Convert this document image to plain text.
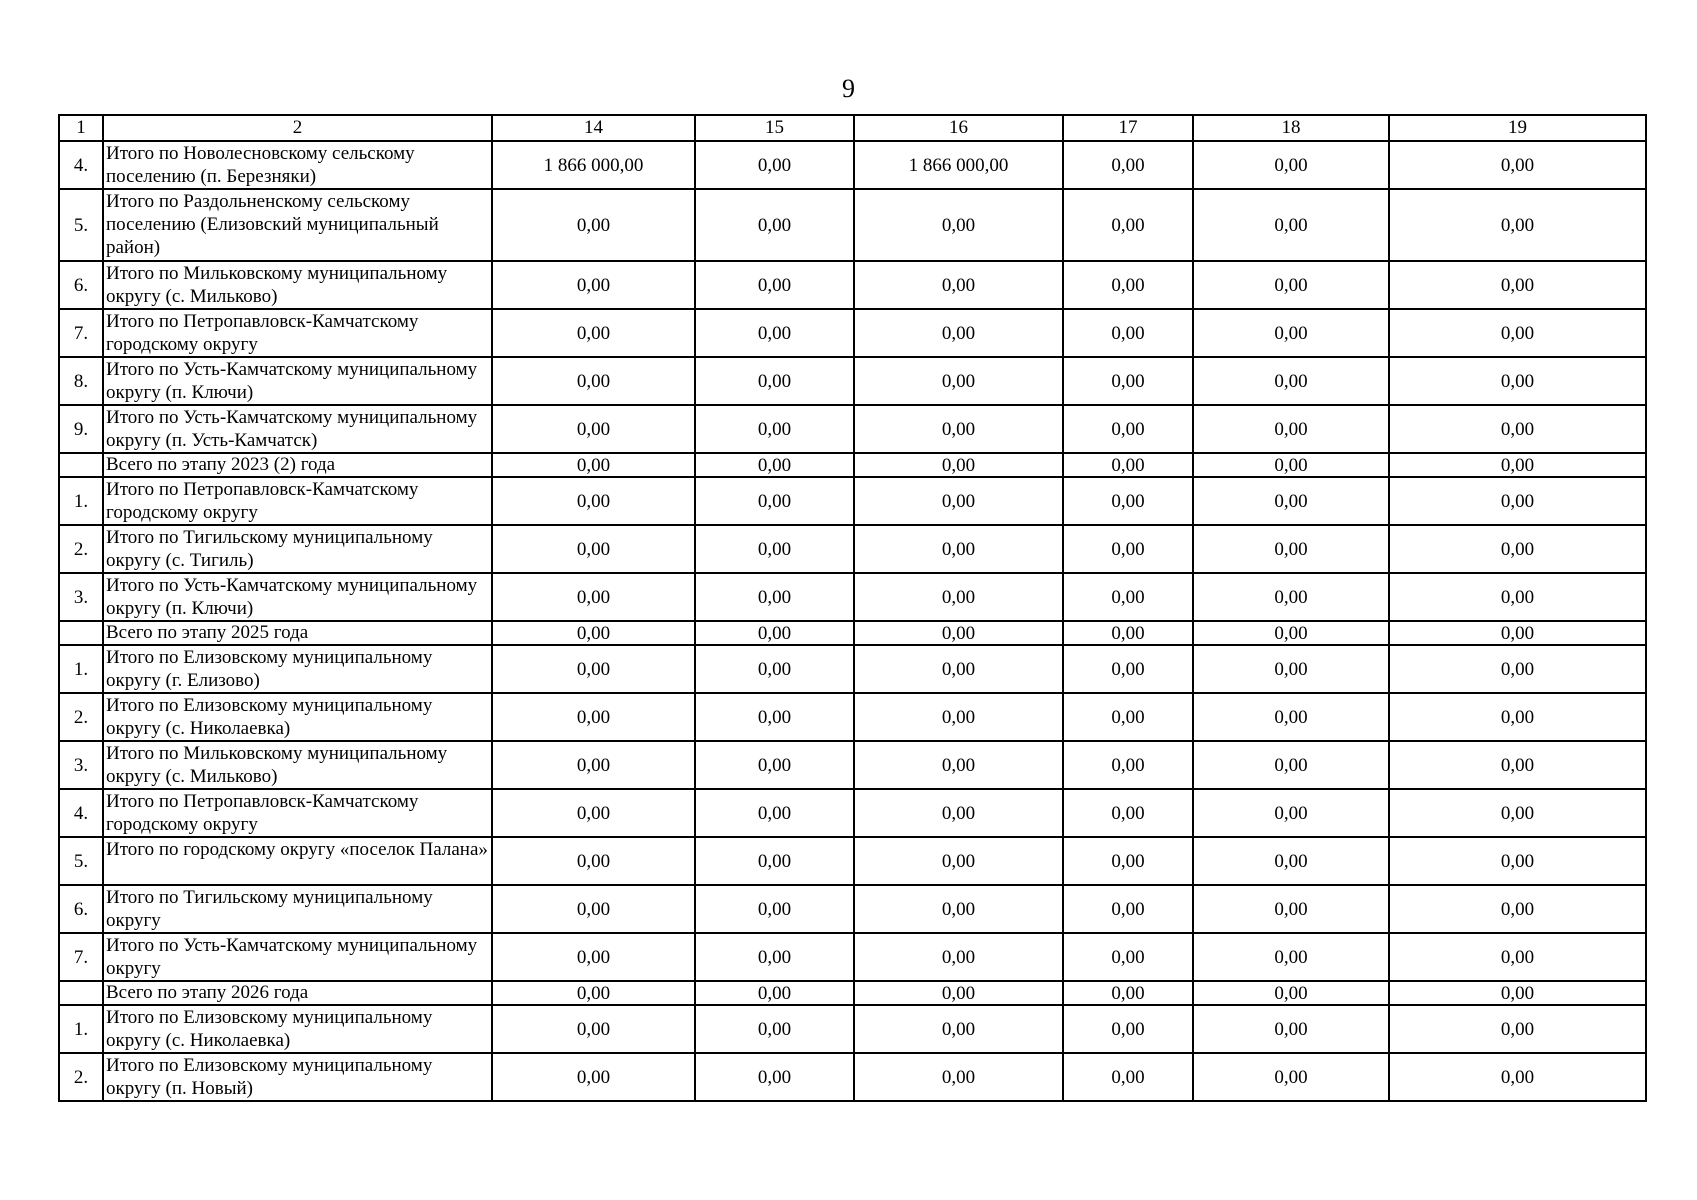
9
1	2	14	15	16	17	18	19
4.	Итого по Новолесновскому сельскому поселению (п. Березняки)	1 866 000,00	0,00	1 866 000,00	0,00	0,00	0,00
5.	Итого по Раздольненскому сельскому поселению (Елизовский муниципальный район)	0,00	0,00	0,00	0,00	0,00	0,00
6.	Итого по Мильковскому муниципальному округу (с. Мильково)	0,00	0,00	0,00	0,00	0,00	0,00
7.	Итого по Петропавловск-Камчатскому городскому округу	0,00	0,00	0,00	0,00	0,00	0,00
8.	Итого по Усть-Камчатскому муниципальному округу (п. Ключи)	0,00	0,00	0,00	0,00	0,00	0,00
9.	Итого по Усть-Камчатскому муниципальному округу (п. Усть-Камчатск)	0,00	0,00	0,00	0,00	0,00	0,00
	Всего по этапу 2023 (2) года	0,00	0,00	0,00	0,00	0,00	0,00
1.	Итого по Петропавловск-Камчатскому городскому округу	0,00	0,00	0,00	0,00	0,00	0,00
2.	Итого по Тигильскому муниципальному округу (с. Тигиль)	0,00	0,00	0,00	0,00	0,00	0,00
3.	Итого по Усть-Камчатскому муниципальному округу (п. Ключи)	0,00	0,00	0,00	0,00	0,00	0,00
	Всего по этапу 2025 года	0,00	0,00	0,00	0,00	0,00	0,00
1.	Итого по Елизовскому муниципальному округу (г. Елизово)	0,00	0,00	0,00	0,00	0,00	0,00
2.	Итого по Елизовскому муниципальному округу (с. Николаевка)	0,00	0,00	0,00	0,00	0,00	0,00
3.	Итого по Мильковскому муниципальному округу (с. Мильково)	0,00	0,00	0,00	0,00	0,00	0,00
4.	Итого по Петропавловск-Камчатскому городскому округу	0,00	0,00	0,00	0,00	0,00	0,00
5.	Итого по городскому округу «поселок Палана»	0,00	0,00	0,00	0,00	0,00	0,00
6.	Итого по Тигильскому муниципальному округу	0,00	0,00	0,00	0,00	0,00	0,00
7.	Итого по Усть-Камчатскому муниципальному округу	0,00	0,00	0,00	0,00	0,00	0,00
	Всего по этапу 2026 года	0,00	0,00	0,00	0,00	0,00	0,00
1.	Итого по Елизовскому муниципальному округу (с. Николаевка)	0,00	0,00	0,00	0,00	0,00	0,00
2.	Итого по Елизовскому муниципальному округу (п. Новый)	0,00	0,00	0,00	0,00	0,00	0,00
